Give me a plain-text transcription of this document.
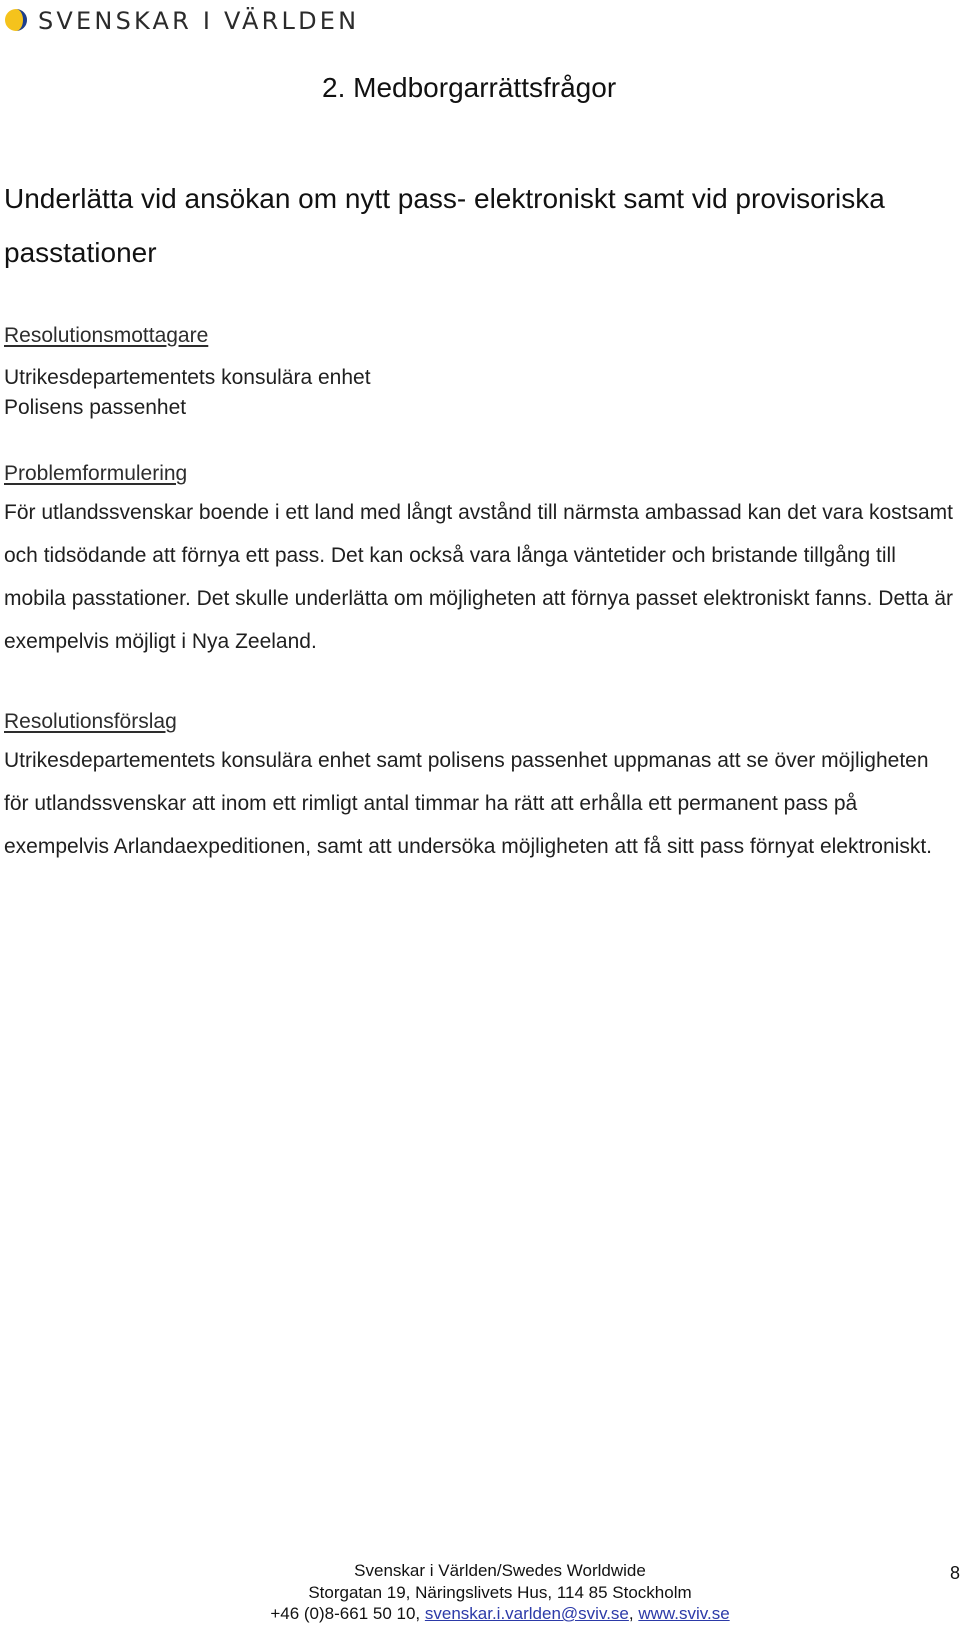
SVENSKAR I VÄRLDEN
2. Medborgarrättsfrågor
Underlätta vid ansökan om nytt pass- elektroniskt samt vid provisoriska passtationer
Resolutionsmottagare
Utrikesdepartementets konsulära enhet
Polisens passenhet
Problemformulering
För utlandssvenskar boende i ett land med långt avstånd till närmsta ambassad kan det vara kostsamt och tidsödande att förnya ett pass. Det kan också vara långa väntetider och bristande tillgång till mobila passtationer. Det skulle underlätta om möjligheten att förnya passet elektroniskt fanns. Detta är exempelvis möjligt i Nya Zeeland.
Resolutionsförslag
Utrikesdepartementets konsulära enhet samt polisens passenhet uppmanas att se över möjligheten för utlandssvenskar att inom ett rimligt antal timmar ha rätt att erhålla ett permanent pass på exempelvis Arlandaexpeditionen, samt att undersöka möjligheten att få sitt pass förnyat elektroniskt.
Svenskar i Världen/Swedes Worldwide
Storgatan 19, Näringslivets Hus, 114 85 Stockholm
+46 (0)8-661 50 10, svenskar.i.varlden@sviv.se, www.sviv.se
8
